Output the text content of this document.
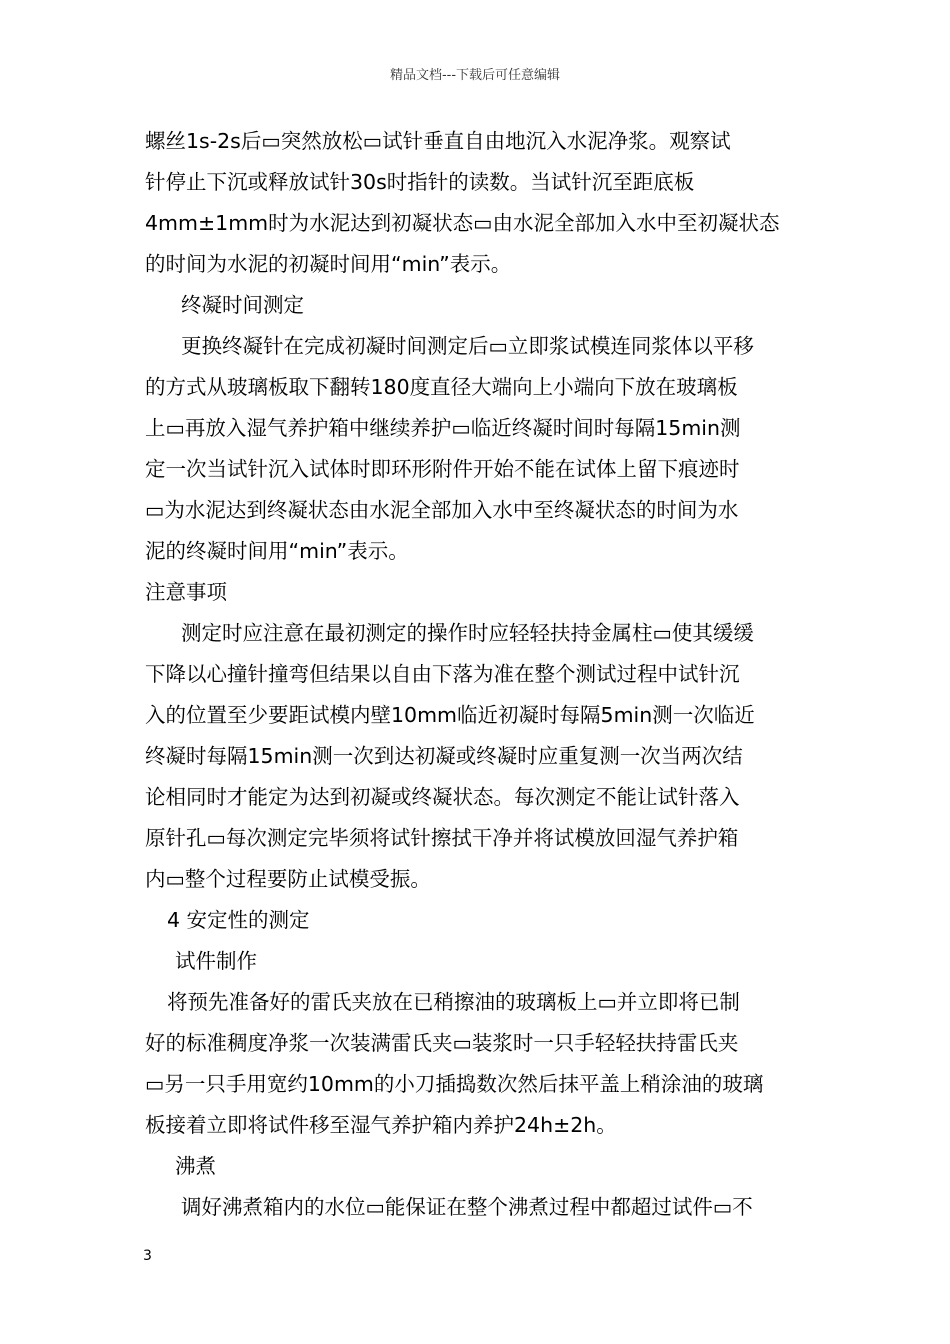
精品文档---下载后可任意编辑
螺丝1s-2s后▭突然放松▭试针垂直自由地沉入水泥净浆。观察试
针停止下沉或释放试针30s时指针的读数。当试针沉至距底板
4mm±1mm时为水泥达到初凝状态▭由水泥全部加入水中至初凝状态
的时间为水泥的初凝时间用“min”表示。
终凝时间测定
更换终凝针在完成初凝时间测定后▭立即浆试模连同浆体以平移
的方式从玻璃板取下翻转180度直径大端向上小端向下放在玻璃板
上▭再放入湿气养护箱中继续养护▭临近终凝时间时每隔15min测
定一次当试针沉入试体时即环形附件开始不能在试体上留下痕迹时
▭为水泥达到终凝状态由水泥全部加入水中至终凝状态的时间为水
泥的终凝时间用“min”表示。
注意事项
测定时应注意在最初测定的操作时应轻轻扶持金属柱▭使其缓缓
下降以心撞针撞弯但结果以自由下落为准在整个测试过程中试针沉
入的位置至少要距试模内壁10mm临近初凝时每隔5min测一次临近
终凝时每隔15min测一次到达初凝或终凝时应重复测一次当两次结
论相同时才能定为达到初凝或终凝状态。每次测定不能让试针落入
原针孔▭每次测定完毕须将试针擦拭干净并将试模放回湿气养护箱
内▭整个过程要防止试模受振。
4 安定性的测定
试件制作
将预先准备好的雷氏夹放在已稍擦油的玻璃板上▭并立即将已制
好的标准稠度净浆一次装满雷氏夹▭装浆时一只手轻轻扶持雷氏夹
▭另一只手用宽约10mm的小刀插捣数次然后抹平盖上稍涂油的玻璃
板接着立即将试件移至湿气养护箱内养护24h±2h。
沸煮
调好沸煮箱内的水位▭能保证在整个沸煮过程中都超过试件▭不
3
